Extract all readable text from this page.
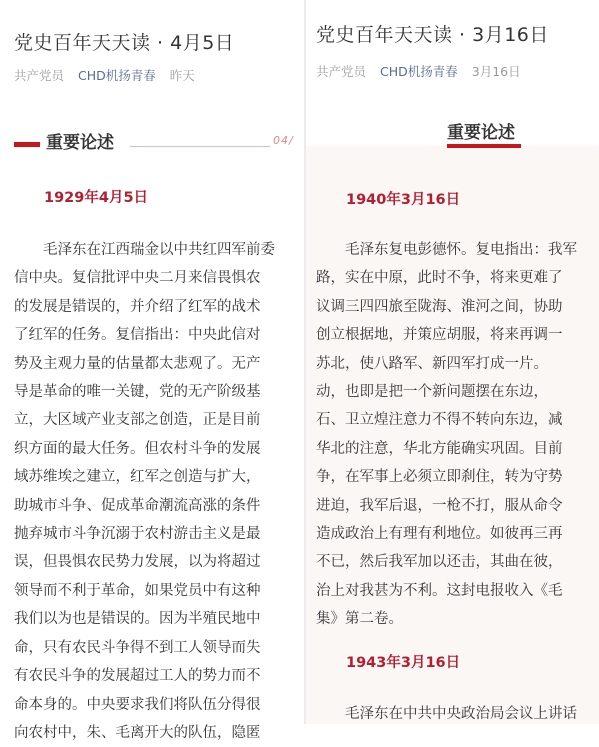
党史百年天天读 · 4月5日
共产党员 CHD机扬青春 昨天
重要论述	04/
1929年4月5日
　　毛泽东在江西瑞金以中共红四军前委
信中央。复信批评中央二月来信畏惧农
的发展是错误的，并介绍了红军的战术
了红军的任务。复信指出：中央此信对
势及主观力量的估量都太悲观了。无产
导是革命的唯一关键，党的无产阶级基
立，大区域产业支部之创造，正是目前
织方面的最大任务。但农村斗争的发展
域苏维埃之建立，红军之创造与扩大，
助城市斗争、促成革命潮流高涨的条件
抛弃城市斗争沉溺于农村游击主义是最
误，但畏惧农民势力发展，以为将超过
领导而不利于革命，如果党员中有这种
我们以为也是错误的。因为半殖民地中
命，只有农民斗争得不到工人领导而失
有农民斗争的发展超过工人的势力而不
命本身的。中央要求我们将队伍分得很
向农村中，朱、毛离开大的队伍，隐匿
党史百年天天读 · 3月16日
共产党员 CHD机扬青春 3月16日
重要论述
1940年3月16日
　　毛泽东复电彭德怀。复电指出：我军
路，实在中原，此时不争，将来更难了
议调三四四旅至陇海、淮河之间，协助
创立根据地，并策应胡服，将来再调一
苏北，使八路军、新四军打成一片。
动，也即是把一个新问题摆在东边，
石、卫立煌注意力不得不转向东边，减
华北的注意，华北方能确实巩固。目前
争，在军事上必须立即刹住，转为守势
进迫，我军后退，一枪不打，服从命令
造成政治上有理有利地位。如彼再三再
不已，然后我军加以还击，其曲在彼，
治上对我甚为不利。这封电报收入《毛
集》第二卷。
1943年3月16日
　　毛泽东在中共中央政治局会议上讲话
